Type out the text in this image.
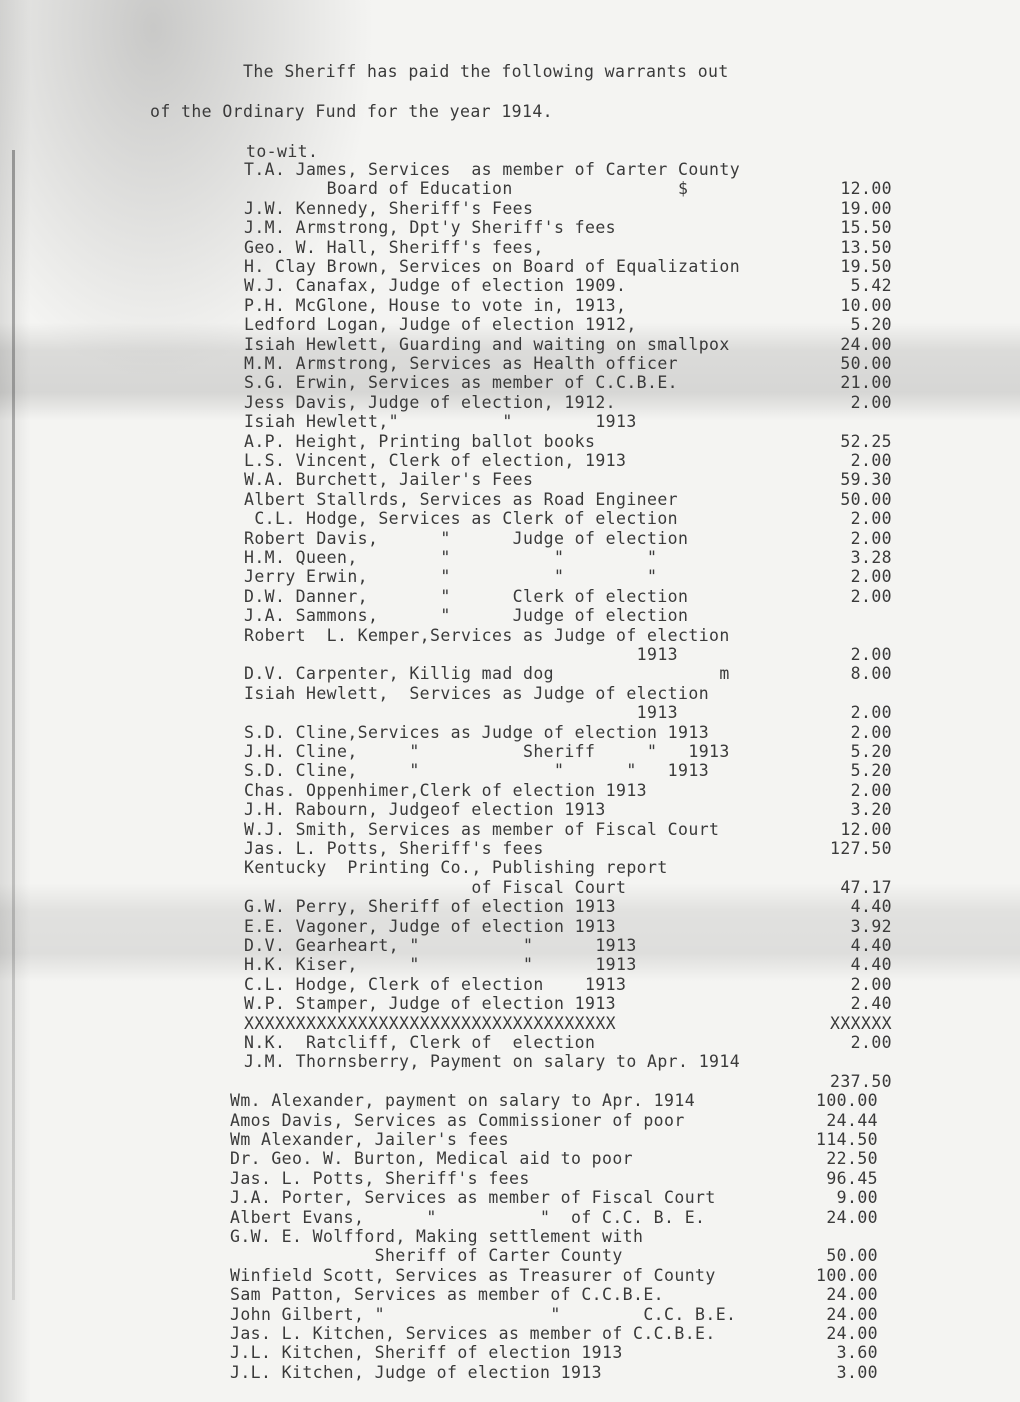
The Sheriff has paid the following warrants out
of the Ordinary Fund for the year 1914.
to-wit.
T.A. James, Services  as member of Carter County
Board of Education                $	12.00
J.W. Kennedy, Sheriff's Fees	19.00
J.M. Armstrong, Dpt'y Sheriff's fees	15.50
Geo. W. Hall, Sheriff's fees,	13.50
H. Clay Brown, Services on Board of Equalization	19.50
W.J. Canafax, Judge of election 1909.	5.42
P.H. McGlone, House to vote in, 1913,	10.00
Ledford Logan, Judge of election 1912,	5.20
Isiah Hewlett, Guarding and waiting on smallpox	24.00
M.M. Armstrong, Services as Health officer	50.00
S.G. Erwin, Services as member of C.C.B.E.	21.00
Jess Davis, Judge of election, 1912.	2.00
Isiah Hewlett,"          "        1913
A.P. Height, Printing ballot books	52.25
L.S. Vincent, Clerk of election, 1913	2.00
W.A. Burchett, Jailer's Fees	59.30
Albert Stallrds, Services as Road Engineer	50.00
C.L. Hodge, Services as Clerk of election	2.00
Robert Davis,      "      Judge of election	2.00
H.M. Queen,        "          "        "	3.28
Jerry Erwin,       "          "        "	2.00
D.W. Danner,       "      Clerk of election	2.00
J.A. Sammons,      "      Judge of election
Robert  L. Kemper,Services as Judge of election
1913	2.00
D.V. Carpenter, Killig mad dog                m	8.00
Isiah Hewlett,  Services as Judge of election
1913	2.00
S.D. Cline,Services as Judge of election 1913	2.00
J.H. Cline,     "          Sheriff     "   1913	5.20
S.D. Cline,     "             "      "   1913	5.20
Chas. Oppenhimer,Clerk of election 1913	2.00
J.H. Rabourn, Judgeof election 1913	3.20
W.J. Smith, Services as member of Fiscal Court	12.00
Jas. L. Potts, Sheriff's fees	127.50
Kentucky  Printing Co., Publishing report
of Fiscal Court	47.17
G.W. Perry, Sheriff of election 1913	4.40
E.E. Vagoner, Judge of election 1913	3.92
D.V. Gearheart, "          "      1913	4.40
H.K. Kiser,     "          "      1913	4.40
C.L. Hodge, Clerk of election    1913	2.00
W.P. Stamper, Judge of election 1913	2.40
XXXXXXXXXXXXXXXXXXXXXXXXXXXXXXXXXXXX	XXXXXX
N.K.  Ratcliff, Clerk of  election	2.00
J.M. Thornsberry, Payment on salary to Apr. 1914
237.50
Wm. Alexander, payment on salary to Apr. 1914	100.00
Amos Davis, Services as Commissioner of poor	24.44
Wm Alexander, Jailer's fees	114.50
Dr. Geo. W. Burton, Medical aid to poor	22.50
Jas. L. Potts, Sheriff's fees	96.45
J.A. Porter, Services as member of Fiscal Court	9.00
Albert Evans,      "          "  of C.C. B. E.	24.00
G.W. E. Wolfford, Making settlement with
Sheriff of Carter County	50.00
Winfield Scott, Services as Treasurer of County	100.00
Sam Patton, Services as member of C.C.B.E.	24.00
John Gilbert, "                "        C.C. B.E.	24.00
Jas. L. Kitchen, Services as member of C.C.B.E.	24.00
J.L. Kitchen, Sheriff of election 1913	3.60
J.L. Kitchen, Judge of election 1913	3.00
